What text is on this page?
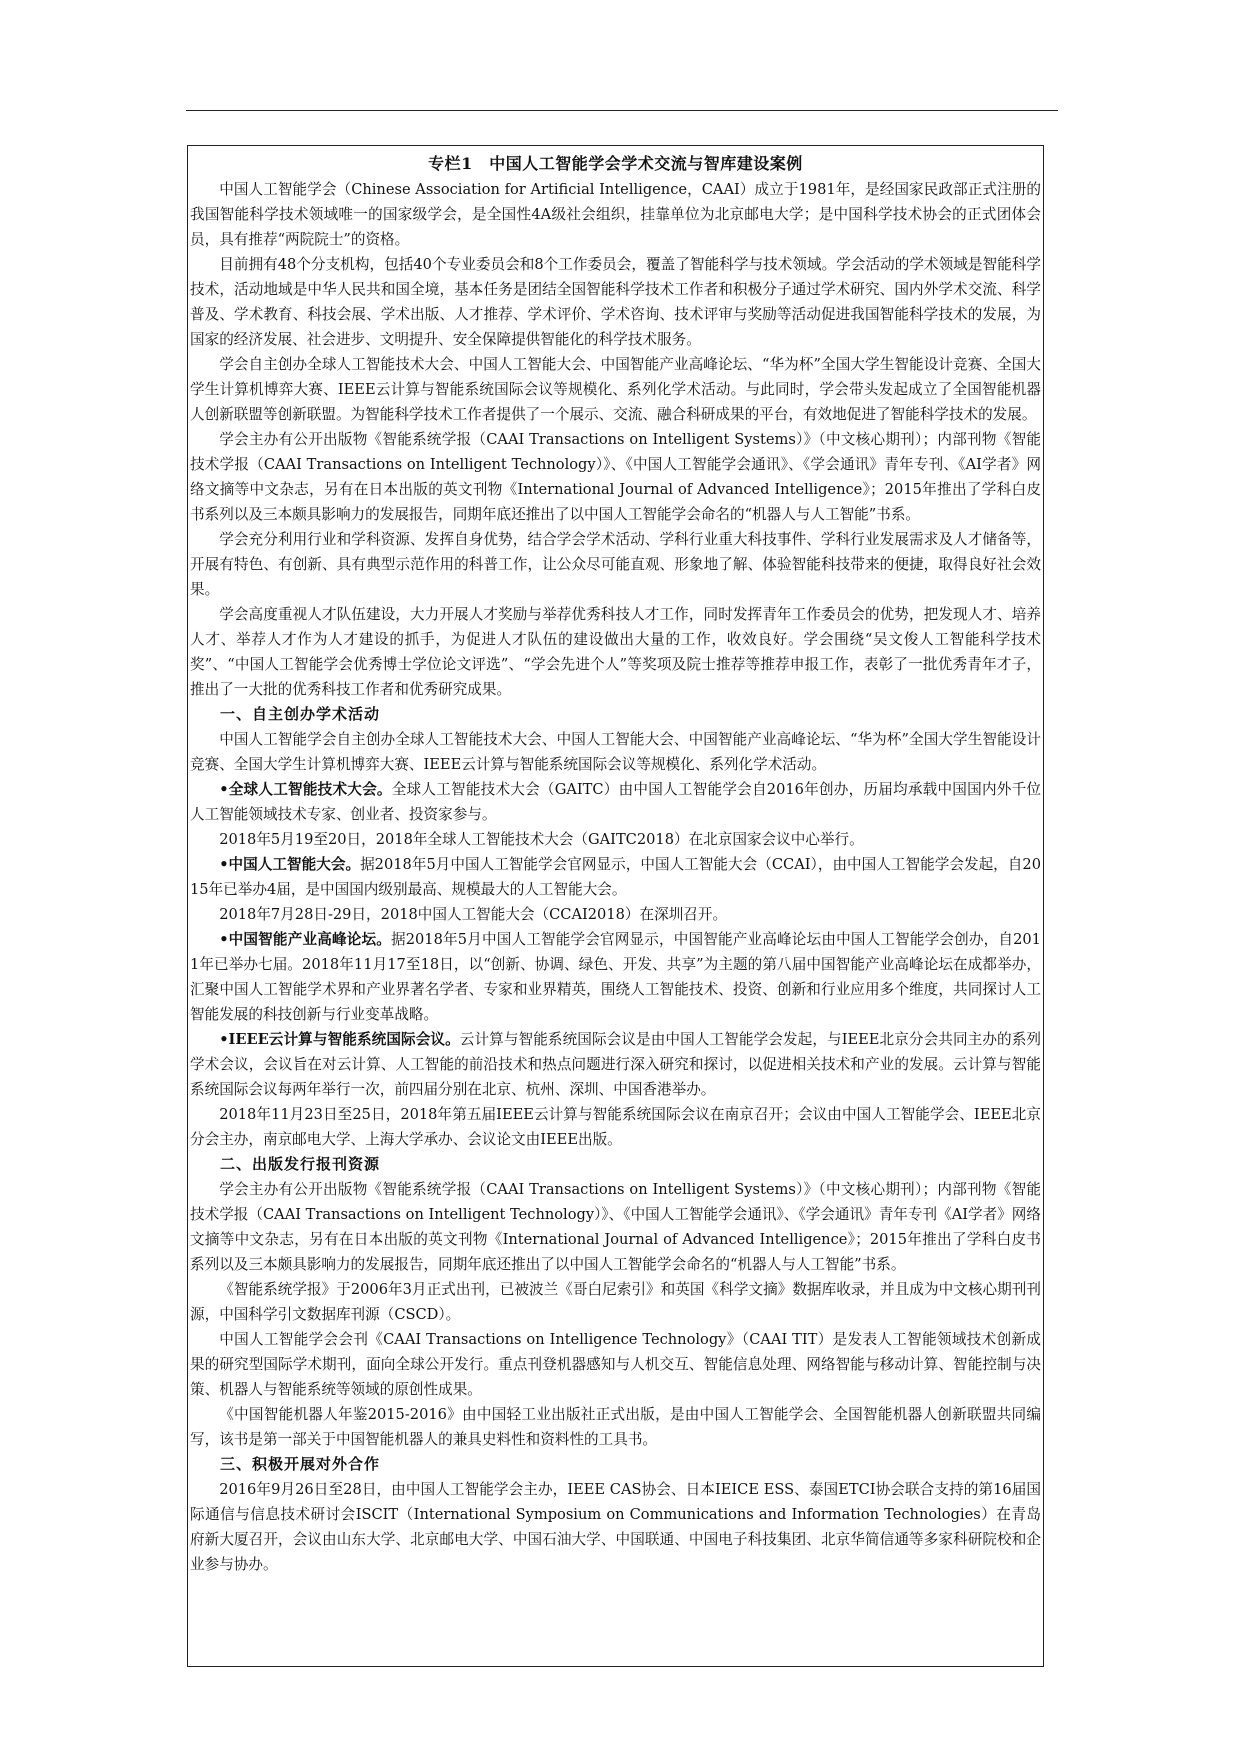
专栏1　中国人工智能学会学术交流与智库建设案例

中国人工智能学会（Chinese Association for Artificial Intelligence，CAAI）成立于1981年，是经国家民政部正式注册的我国智能科学技术领域唯一的国家级学会，是全国性4A级社会组织，挂靠单位为北京邮电大学；是中国科学技术协会的正式团体会员，具有推荐“两院院士”的资格。

目前拥有48个分支机构，包括40个专业委员会和8个工作委员会，覆盖了智能科学与技术领域。学会活动的学术领域是智能科学技术，活动地域是中华人民共和国全境，基本任务是团结全国智能科学技术工作者和积极分子通过学术研究、国内外学术交流、科学普及、学术教育、科技会展、学术出版、人才推荐、学术评价、学术咨询、技术评审与奖励等活动促进我国智能科学技术的发展，为国家的经济发展、社会进步、文明提升、安全保障提供智能化的科学技术服务。

学会自主创办全球人工智能技术大会、中国人工智能大会、中国智能产业高峰论坛、“华为杯”全国大学生智能设计竞赛、全国大学生计算机博弈大赛、IEEE云计算与智能系统国际会议等规模化、系列化学术活动。与此同时，学会带头发起成立了全国智能机器人创新联盟等创新联盟。为智能科学技术工作者提供了一个展示、交流、融合科研成果的平台，有效地促进了智能科学技术的发展。

学会主办有公开出版物《智能系统学报（CAAI Transactions on Intelligent Systems）》（中文核心期刊）；内部刊物《智能技术学报（CAAI Transactions on Intelligent Technology）》、《中国人工智能学会通讯》、《学会通讯》青年专刊、《AI学者》网络文摘等中文杂志，另有在日本出版的英文刊物《International Journal of Advanced Intelligence》；2015年推出了学科白皮书系列以及三本颇具影响力的发展报告，同期年底还推出了以中国人工智能学会命名的“机器人与人工智能”书系。

学会充分利用行业和学科资源、发挥自身优势，结合学会学术活动、学科行业重大科技事件、学科行业发展需求及人才储备等，开展有特色、有创新、具有典型示范作用的科普工作，让公众尽可能直观、形象地了解、体验智能科技带来的便捷，取得良好社会效果。

学会高度重视人才队伍建设，大力开展人才奖励与举荐优秀科技人才工作，同时发挥青年工作委员会的优势，把发现人才、培养人才、举荐人才作为人才建设的抓手，为促进人才队伍的建设做出大量的工作，收效良好。学会围绕“吴文俊人工智能科学技术奖”、“中国人工智能学会优秀博士学位论文评选”、“学会先进个人”等奖项及院士推荐等推荐申报工作，表彰了一批优秀青年才子，推出了一大批的优秀科技工作者和优秀研究成果。

一、自主创办学术活动

中国人工智能学会自主创办全球人工智能技术大会、中国人工智能大会、中国智能产业高峰论坛、“华为杯”全国大学生智能设计竞赛、全国大学生计算机博弈大赛、IEEE云计算与智能系统国际会议等规模化、系列化学术活动。

•全球人工智能技术大会。全球人工智能技术大会（GAITC）由中国人工智能学会自2016年创办，历届均承载中国国内外千位人工智能领域技术专家、创业者、投资家参与。

2018年5月19至20日，2018年全球人工智能技术大会（GAITC2018）在北京国家会议中心举行。

•中国人工智能大会。据2018年5月中国人工智能学会官网显示，中国人工智能大会（CCAI），由中国人工智能学会发起，自2015年已举办4届，是中国国内级别最高、规模最大的人工智能大会。

2018年7月28日-29日，2018中国人工智能大会（CCAI2018）在深圳召开。

•中国智能产业高峰论坛。据2018年5月中国人工智能学会官网显示，中国智能产业高峰论坛由中国人工智能学会创办，自2011年已举办七届。2018年11月17至18日，以“创新、协调、绿色、开发、共享”为主题的第八届中国智能产业高峰论坛在成都举办，汇聚中国人工智能学术界和产业界著名学者、专家和业界精英，围绕人工智能技术、投资、创新和行业应用多个维度，共同探讨人工智能发展的科技创新与行业变革战略。

•IEEE云计算与智能系统国际会议。云计算与智能系统国际会议是由中国人工智能学会发起，与IEEE北京分会共同主办的系列学术会议，会议旨在对云计算、人工智能的前沿技术和热点问题进行深入研究和探讨，以促进相关技术和产业的发展。云计算与智能系统国际会议每两年举行一次，前四届分别在北京、杭州、深圳、中国香港举办。

2018年11月23日至25日，2018年第五届IEEE云计算与智能系统国际会议在南京召开；会议由中国人工智能学会、IEEE北京分会主办，南京邮电大学、上海大学承办、会议论文由IEEE出版。

二、出版发行报刊资源

学会主办有公开出版物《智能系统学报（CAAI Transactions on Intelligent Systems）》（中文核心期刊）；内部刊物《智能技术学报（CAAI Transactions on Intelligent Technology）》、《中国人工智能学会通讯》、《学会通讯》青年专刊《AI学者》网络文摘等中文杂志，另有在日本出版的英文刊物《International Journal of Advanced Intelligence》；2015年推出了学科白皮书系列以及三本颇具影响力的发展报告，同期年底还推出了以中国人工智能学会命名的“机器人与人工智能”书系。

《智能系统学报》于2006年3月正式出刊，已被波兰《哥白尼索引》和英国《科学文摘》数据库收录，并且成为中文核心期刊刊源，中国科学引文数据库刊源（CSCD）。

中国人工智能学会会刊《CAAI Transactions on Intelligence Technology》（CAAI TIT）是发表人工智能领域技术创新成果的研究型国际学术期刊，面向全球公开发行。重点刊登机器感知与人机交互、智能信息处理、网络智能与移动计算、智能控制与决策、机器人与智能系统等领域的原创性成果。

《中国智能机器人年鉴2015-2016》由中国轻工业出版社正式出版，是由中国人工智能学会、全国智能机器人创新联盟共同编写，该书是第一部关于中国智能机器人的兼具史料性和资料性的工具书。

三、积极开展对外合作

2016年9月26日至28日，由中国人工智能学会主办，IEEE CAS协会、日本IEICE ESS、泰国ETCI协会联合支持的第16届国际通信与信息技术研讨会ISCIT（International Symposium on Communications and Information Technologies）在青岛府新大厦召开，会议由山东大学、北京邮电大学、中国石油大学、中国联通、中国电子科技集团、北京华简信通等多家科研院校和企业参与协办。
